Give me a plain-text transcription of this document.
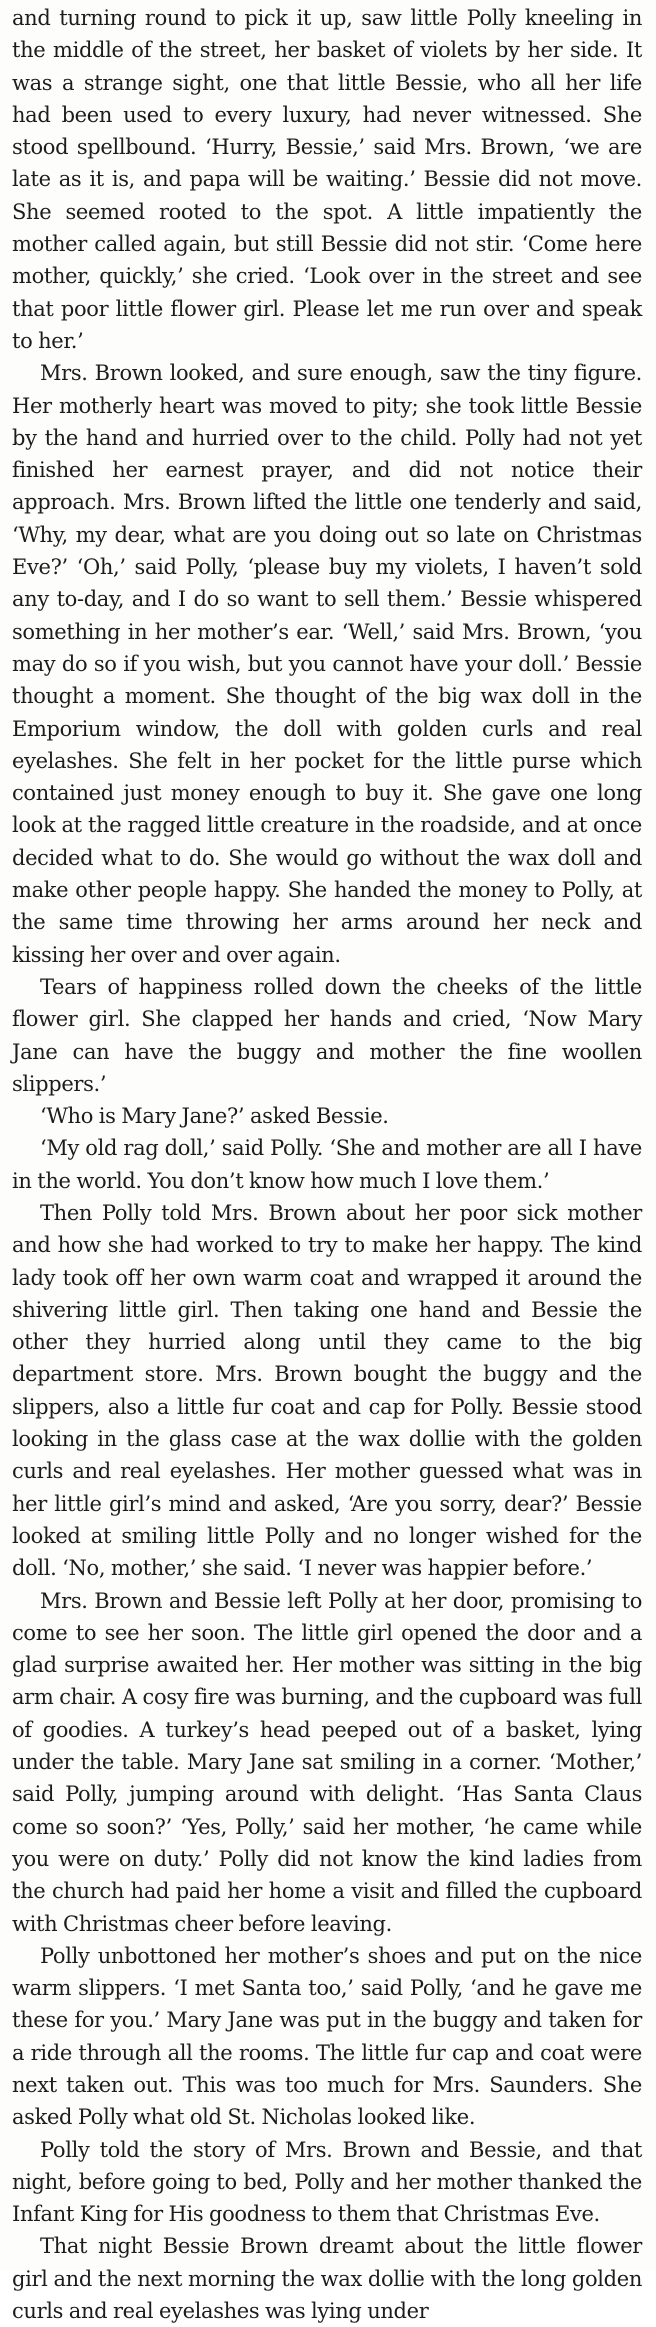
and turning round to pick it up, saw little Polly kneeling in the middle of the street, her basket of violets by her side. It was a strange sight, one that little Bessie, who all her life had been used to every luxury, had never witnessed. She stood spellbound. ‘Hurry, Bessie,’ said Mrs. Brown, ‘we are late as it is, and papa will be waiting.’ Bessie did not move. She seemed rooted to the spot. A little impatiently the mother called again, but still Bessie did not stir. ‘Come here mother, quickly,’ she cried. ‘Look over in the street and see that poor little flower girl. Please let me run over and speak to her.’

Mrs. Brown looked, and sure enough, saw the tiny figure. Her motherly heart was moved to pity; she took little Bessie by the hand and hurried over to the child. Polly had not yet finished her earnest prayer, and did not notice their approach. Mrs. Brown lifted the little one tenderly and said, ‘Why, my dear, what are you doing out so late on Christmas Eve?’ ‘Oh,’ said Polly, ‘please buy my violets, I haven’t sold any to-day, and I do so want to sell them.’ Bessie whispered something in her mother’s ear. ‘Well,’ said Mrs. Brown, ‘you may do so if you wish, but you cannot have your doll.’ Bessie thought a moment. She thought of the big wax doll in the Emporium window, the doll with golden curls and real eyelashes. She felt in her pocket for the little purse which contained just money enough to buy it. She gave one long look at the ragged little creature in the roadside, and at once decided what to do. She would go without the wax doll and make other people happy. She handed the money to Polly, at the same time throwing her arms around her neck and kissing her over and over again.

Tears of happiness rolled down the cheeks of the little flower girl. She clapped her hands and cried, ‘Now Mary Jane can have the buggy and mother the fine woollen slippers.’

‘Who is Mary Jane?’ asked Bessie.

‘My old rag doll,’ said Polly. ‘She and mother are all I have in the world. You don’t know how much I love them.’

Then Polly told Mrs. Brown about her poor sick mother and how she had worked to try to make her happy. The kind lady took off her own warm coat and wrapped it around the shivering little girl. Then taking one hand and Bessie the other they hurried along until they came to the big department store. Mrs. Brown bought the buggy and the slippers, also a little fur coat and cap for Polly. Bessie stood looking in the glass case at the wax dollie with the golden curls and real eyelashes. Her mother guessed what was in her little girl’s mind and asked, ‘Are you sorry, dear?’ Bessie looked at smiling little Polly and no longer wished for the doll. ‘No, mother,’ she said. ‘I never was happier before.’

Mrs. Brown and Bessie left Polly at her door, promising to come to see her soon. The little girl opened the door and a glad surprise awaited her. Her mother was sitting in the big arm chair. A cosy fire was burning, and the cupboard was full of goodies. A turkey’s head peeped out of a basket, lying under the table. Mary Jane sat smiling in a corner. ‘Mother,’ said Polly, jumping around with delight. ‘Has Santa Claus come so soon?’ ‘Yes, Polly,’ said her mother, ‘he came while you were on duty.’ Polly did not know the kind ladies from the church had paid her home a visit and filled the cupboard with Christmas cheer before leaving.

Polly unbottoned her mother’s shoes and put on the nice warm slippers. ‘I met Santa too,’ said Polly, ‘and he gave me these for you.’ Mary Jane was put in the buggy and taken for a ride through all the rooms. The little fur cap and coat were next taken out. This was too much for Mrs. Saunders. She asked Polly what old St. Nicholas looked like.

Polly told the story of Mrs. Brown and Bessie, and that night, before going to bed, Polly and her mother thanked the Infant King for His goodness to them that Christmas Eve.

That night Bessie Brown dreamt about the little flower girl and the next morning the wax dollie with the long golden curls and real eyelashes was lying under
